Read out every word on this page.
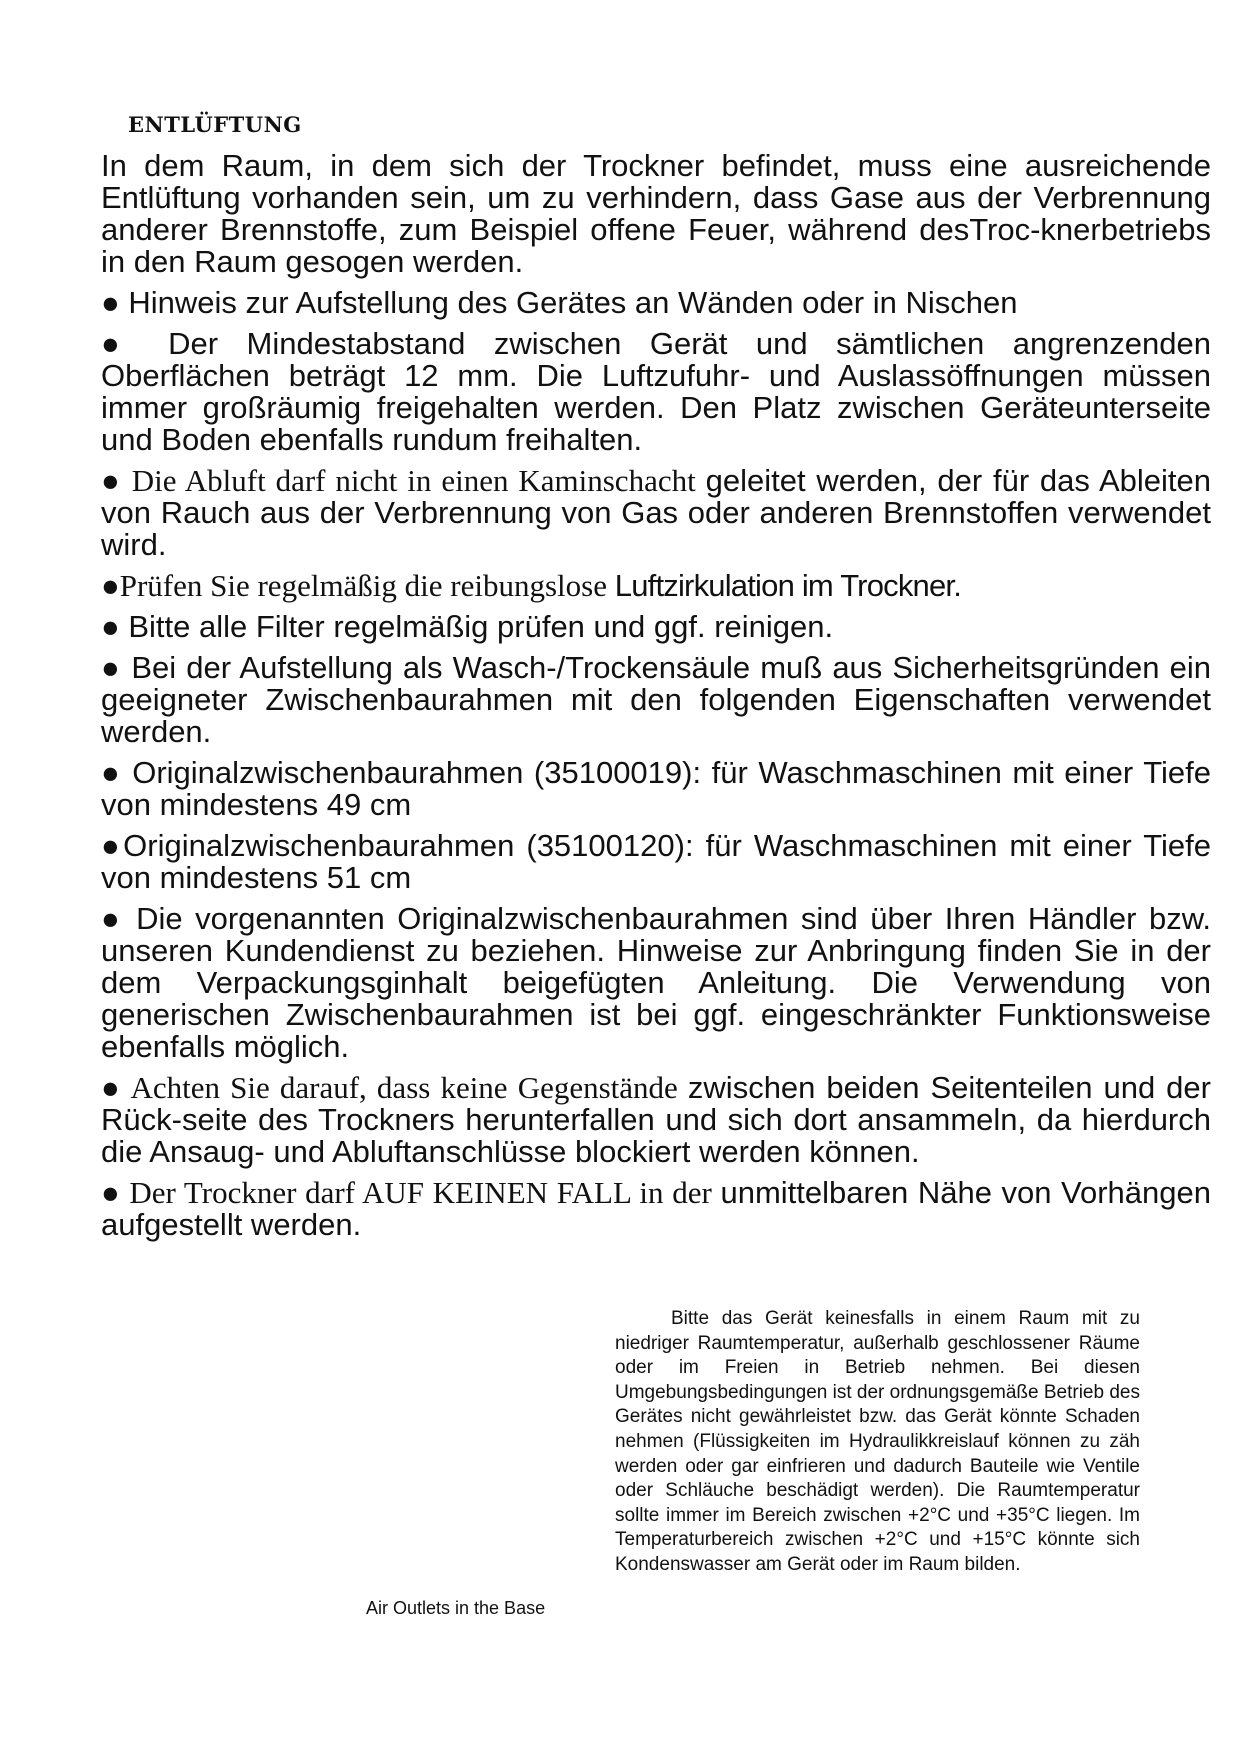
ENTLÜFTUNG

In dem Raum, in dem sich der Trockner befindet, muss eine ausreichende Entlüftung vorhanden sein, um zu verhindern, dass Gase aus der Verbrennung anderer Brennstoffe, zum Beispiel offene Feuer, während desTroc-knerbetriebs in den Raum gesogen werden.

● Hinweis zur Aufstellung des Gerätes an Wänden oder in Nischen

● Der Mindestabstand zwischen Gerät und sämtlichen angrenzenden Oberflächen beträgt 12 mm. Die Luftzufuhr- und Auslassöffnungen müssen immer großräumig freigehalten werden. Den Platz zwischen Geräteunterseite und Boden ebenfalls rundum freihalten.

● Die Abluft darf nicht in einen Kaminschacht geleitet werden, der für das Ableiten von Rauch aus der Verbrennung von Gas oder anderen Brennstoffen verwendet wird.

●Prüfen Sie regelmäßig die reibungslose Luftzirkulation im Trockner.

● Bitte alle Filter regelmäßig prüfen und ggf. reinigen.

● Bei der Aufstellung als Wasch-/Trockensäule muß aus Sicherheitsgründen ein geeigneter Zwischenbaurahmen mit den folgenden Eigenschaften verwendet werden.

● Originalzwischenbaurahmen (35100019): für Waschmaschinen mit einer Tiefe von mindestens 49 cm

●Originalzwischenbaurahmen (35100120): für Waschmaschinen mit einer Tiefe von mindestens 51 cm

● Die vorgenannten Originalzwischenbaurahmen sind über Ihren Händler bzw. unseren Kundendienst zu beziehen. Hinweise zur Anbringung finden Sie in der dem Verpackungsginhalt beigefügten Anleitung. Die Verwendung von generischen Zwischenbaurahmen ist bei ggf. eingeschränkter Funktionsweise ebenfalls möglich.

● Achten Sie darauf, dass keine Gegenstände zwischen beiden Seitenteilen und der Rück-seite des Trockners herunterfallen und sich dort ansammeln, da hierdurch die Ansaug- und Abluftanschlüsse blockiert werden können.

● Der Trockner darf AUF KEINEN FALL in der unmittelbaren Nähe von Vorhängen aufgestellt werden.

Bitte das Gerät keinesfalls in einem Raum mit zu niedriger Raumtemperatur, außerhalb geschlossener Räume oder im Freien in Betrieb nehmen. Bei diesen Umgebungsbedingungen ist der ordnungsgemäße Betrieb des Gerätes nicht gewährleistet bzw. das Gerät könnte Schaden nehmen (Flüssigkeiten im Hydraulikkreislauf können zu zäh werden oder gar einfrieren und dadurch Bauteile wie Ventile oder Schläuche beschädigt werden). Die Raumtemperatur sollte immer im Bereich zwischen +2°C und +35°C liegen. Im Temperaturbereich zwischen +2°C und +15°C könnte sich Kondenswasser am Gerät oder im Raum bilden.

Air Outlets in the Base
